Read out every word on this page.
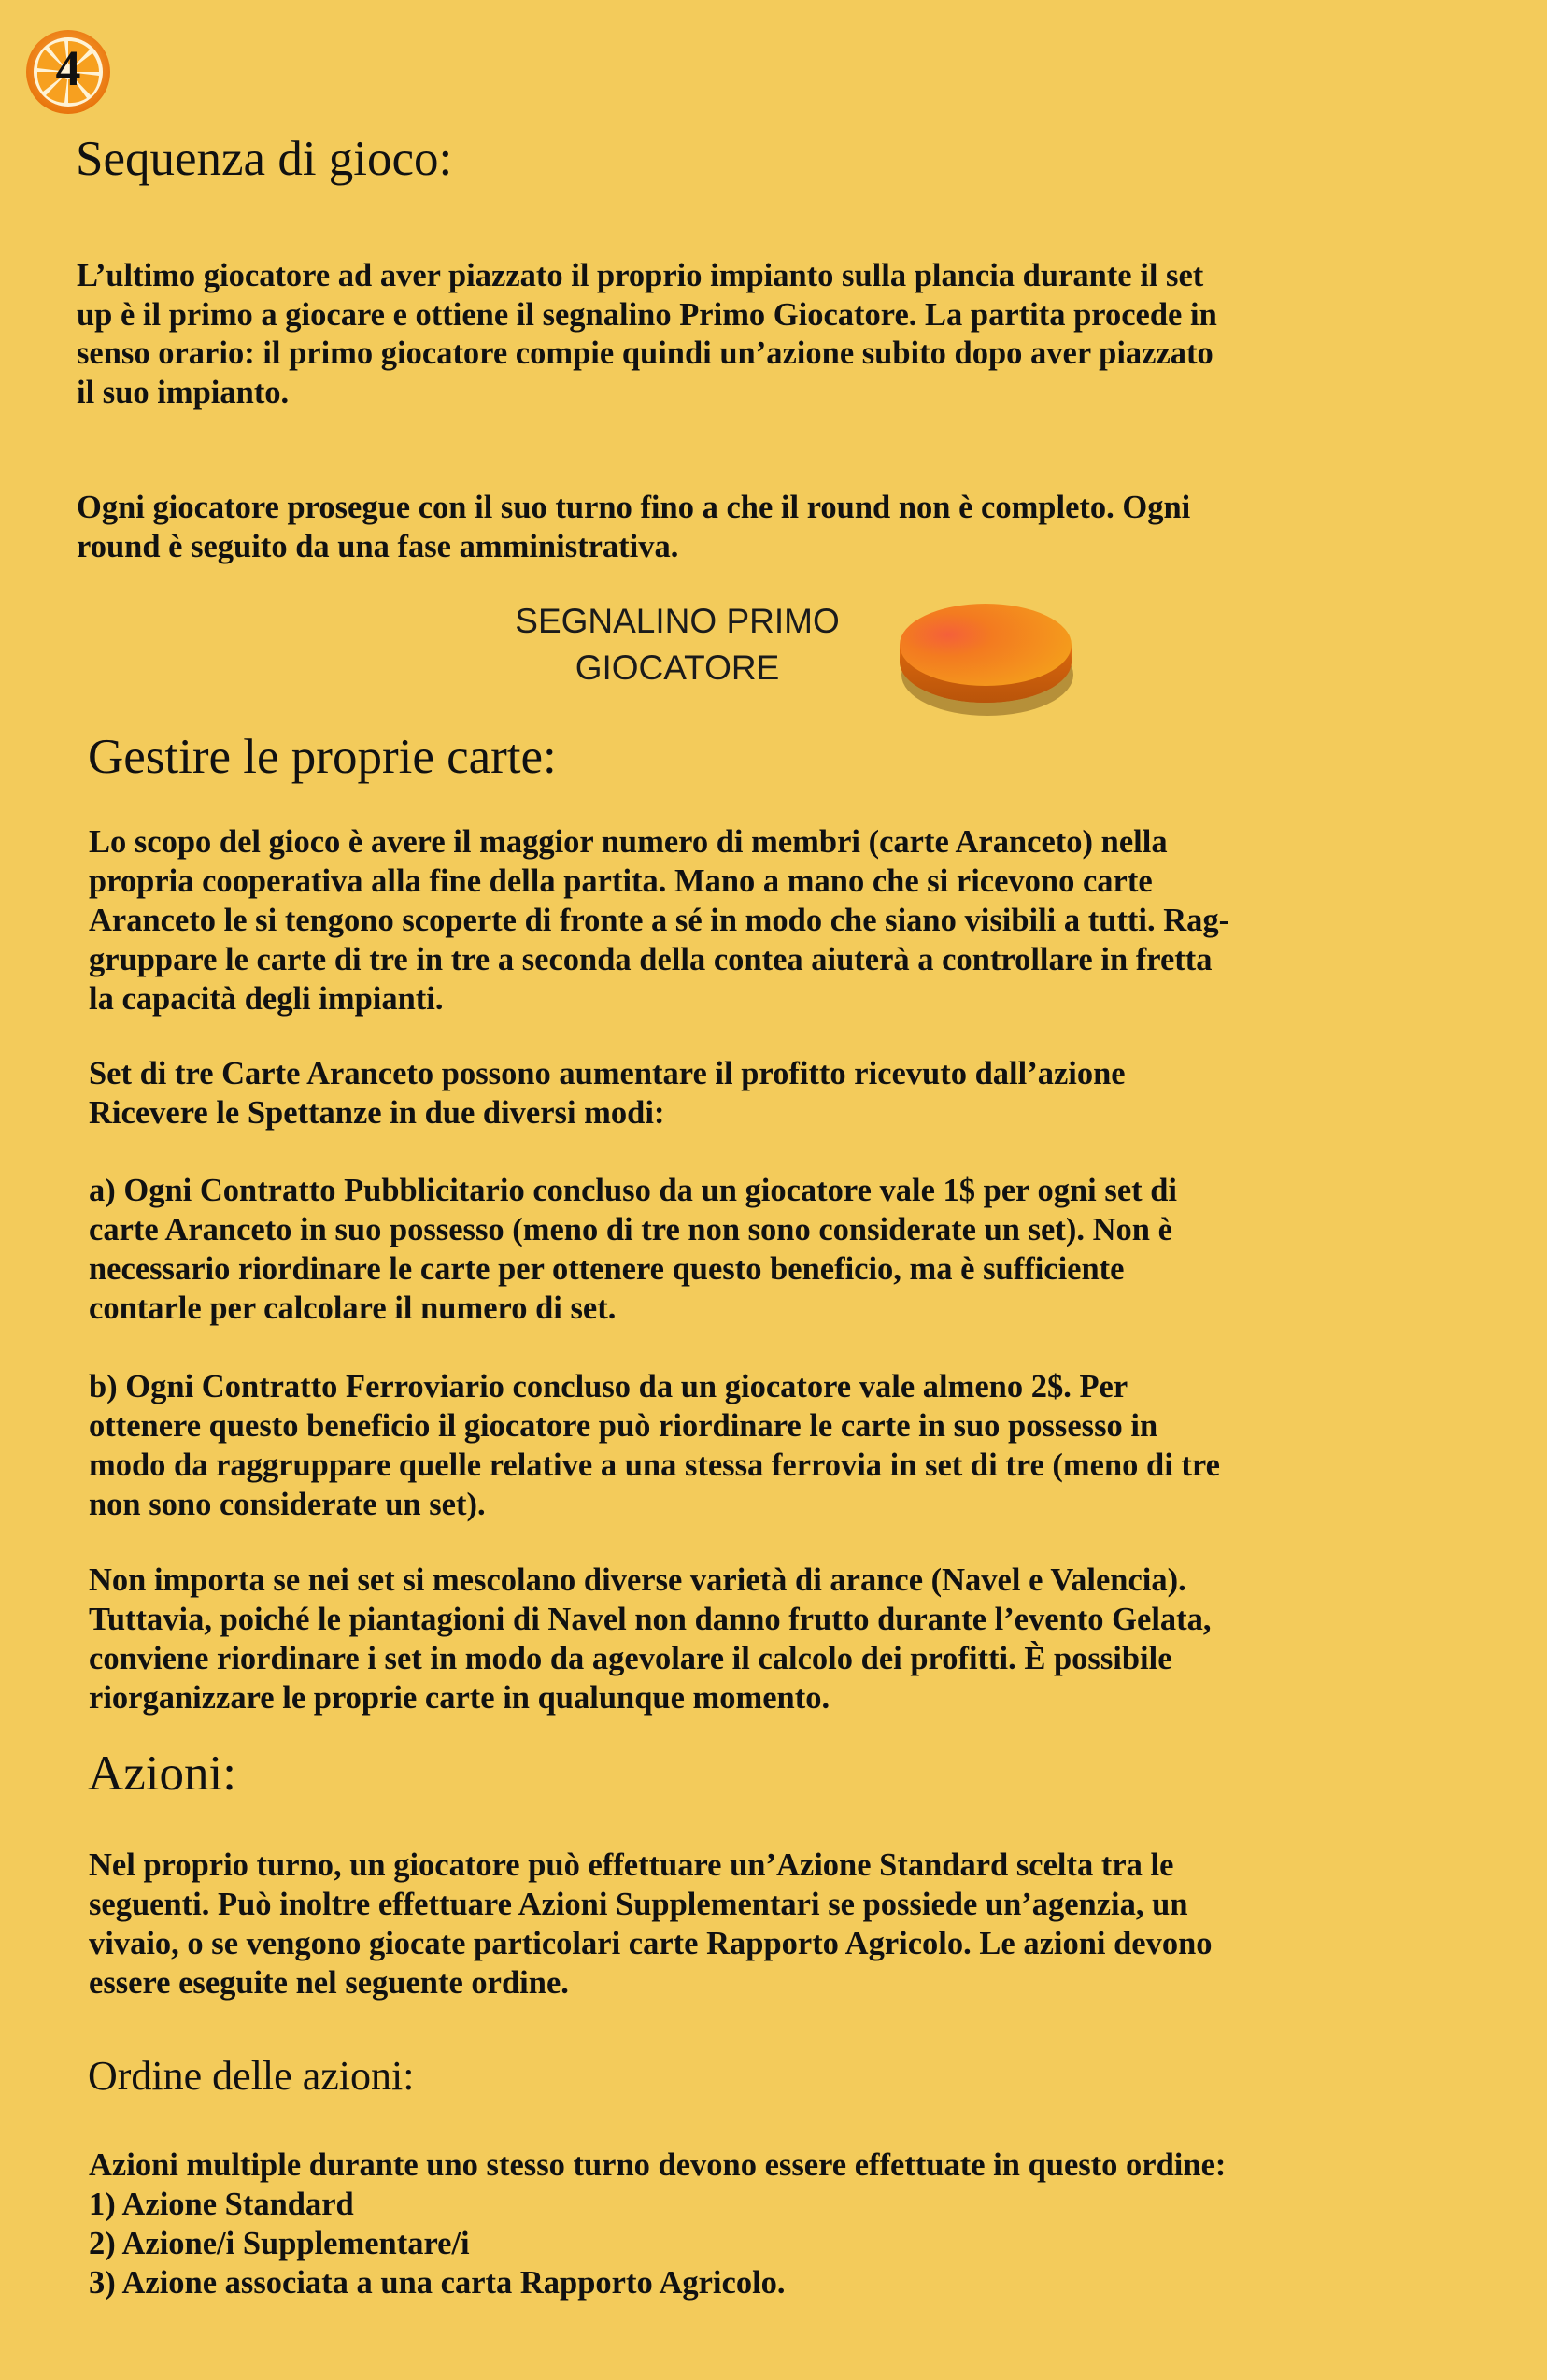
4
Sequenza di gioco:
L’ultimo giocatore ad aver piazzato il proprio impianto sulla plancia durante il set
up è il primo a giocare e ottiene il segnalino Primo Giocatore. La partita procede in
senso orario: il primo giocatore compie quindi un’azione subito dopo aver piazzato
il suo impianto.
Ogni giocatore prosegue con il suo turno fino a che il round non è completo. Ogni
round è seguito da una fase amministrativa.
SEGNALINO PRIMO
GIOCATORE
Gestire le proprie carte:
Lo scopo del gioco è avere il maggior numero di membri (carte Aranceto) nella
propria cooperativa alla fine della partita. Mano a mano che si ricevono carte
Aranceto le si tengono scoperte di fronte a sé in modo che siano visibili a tutti. Rag-
gruppare le carte di tre in tre a seconda della contea aiuterà a controllare in fretta
la capacità degli impianti.
Set di tre Carte Aranceto possono aumentare il profitto ricevuto dall’azione
Ricevere le Spettanze in due diversi modi:
a) Ogni Contratto Pubblicitario concluso da un giocatore vale 1$ per ogni set di
carte Aranceto in suo possesso (meno di tre non sono considerate un set). Non è
necessario riordinare le carte per ottenere questo beneficio, ma è sufficiente
contarle per calcolare il numero di set.
b) Ogni Contratto Ferroviario concluso da un giocatore vale almeno 2$. Per
ottenere questo beneficio il giocatore può riordinare le carte in suo possesso in
modo da raggruppare quelle relative a una stessa ferrovia in set di tre (meno di tre
non sono considerate un set).
Non importa se nei set si mescolano diverse varietà di arance (Navel e Valencia).
Tuttavia, poiché le piantagioni di Navel non danno frutto durante l’evento Gelata,
conviene riordinare i set in modo da agevolare il calcolo dei profitti. È possibile
riorganizzare le proprie carte in qualunque momento.
Azioni:
Nel proprio turno, un giocatore può effettuare un’Azione Standard scelta tra le
seguenti. Può inoltre effettuare Azioni Supplementari se possiede un’agenzia, un
vivaio, o se vengono giocate particolari carte Rapporto Agricolo. Le azioni devono
essere eseguite nel seguente ordine.
Ordine delle azioni:
Azioni multiple durante uno stesso turno devono essere effettuate in questo ordine:
1) Azione Standard
2) Azione/i Supplementare/i
3) Azione associata a una carta Rapporto Agricolo.
